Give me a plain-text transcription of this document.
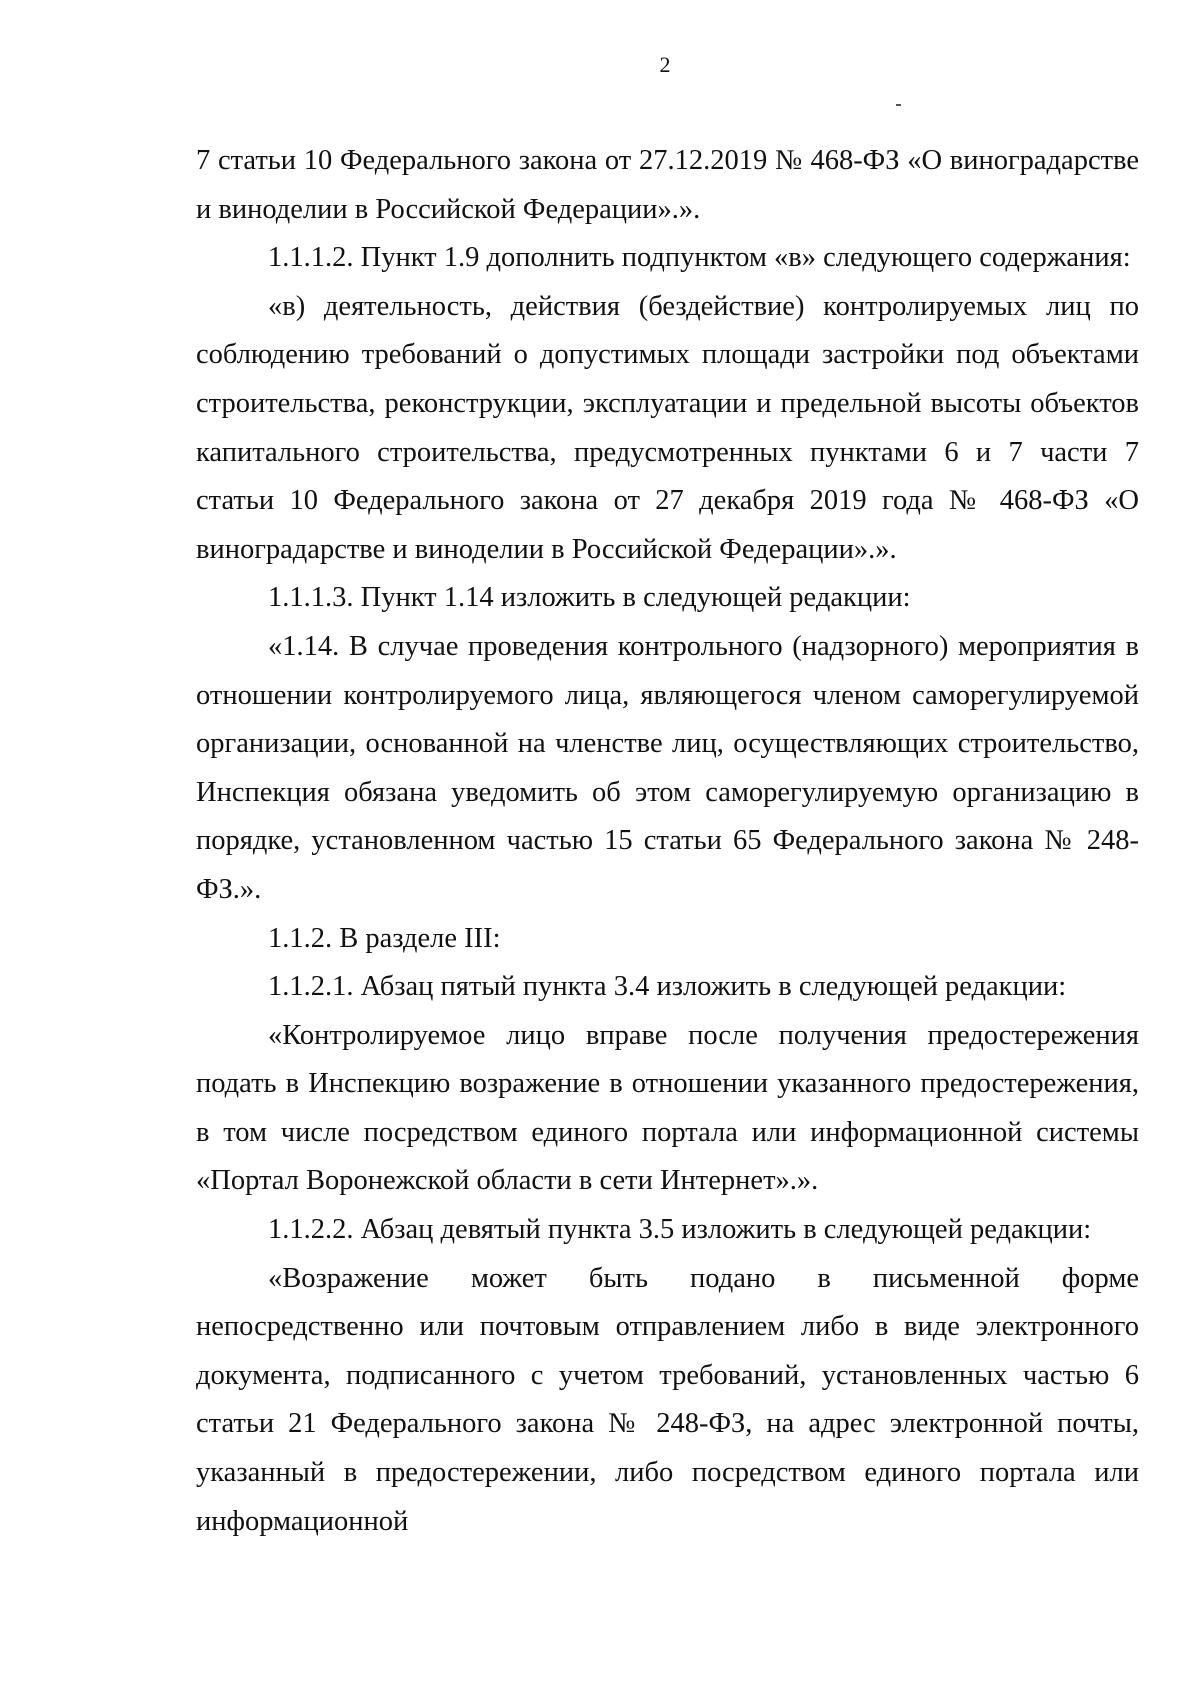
2

7 статьи 10 Федерального закона от 27.12.2019 № 468-ФЗ «О виноградарстве и виноделии в Российской Федерации».».

1.1.1.2. Пункт 1.9 дополнить подпунктом «в» следующего содержания:

«в) деятельность, действия (бездействие) контролируемых лиц по соблюдению требований о допустимых площади застройки под объектами строительства, реконструкции, эксплуатации и предельной высоты объектов капитального строительства, предусмотренных пунктами 6 и 7 части 7 статьи 10 Федерального закона от 27 декабря 2019 года № 468-ФЗ «О виноградарстве и виноделии в Российской Федерации».».

1.1.1.3. Пункт 1.14 изложить в следующей редакции:

«1.14. В случае проведения контрольного (надзорного) мероприятия в отношении контролируемого лица, являющегося членом саморегулируемой организации, основанной на членстве лиц, осуществляющих строительство, Инспекция обязана уведомить об этом саморегулируемую организацию в порядке, установленном частью 15 статьи 65 Федерального закона № 248-ФЗ.».

1.1.2. В разделе III:

1.1.2.1. Абзац пятый пункта 3.4 изложить в следующей редакции:

«Контролируемое лицо вправе после получения предостережения подать в Инспекцию возражение в отношении указанного предостережения, в том числе посредством единого портала или информационной системы «Портал Воронежской области в сети Интернет».».

1.1.2.2. Абзац девятый пункта 3.5 изложить в следующей редакции:

«Возражение может быть подано в письменной форме непосредственно или почтовым отправлением либо в виде электронного документа, подписанного с учетом требований, установленных частью 6 статьи 21 Федерального закона № 248-ФЗ, на адрес электронной почты, указанный в предостережении, либо посредством единого портала или информационной
